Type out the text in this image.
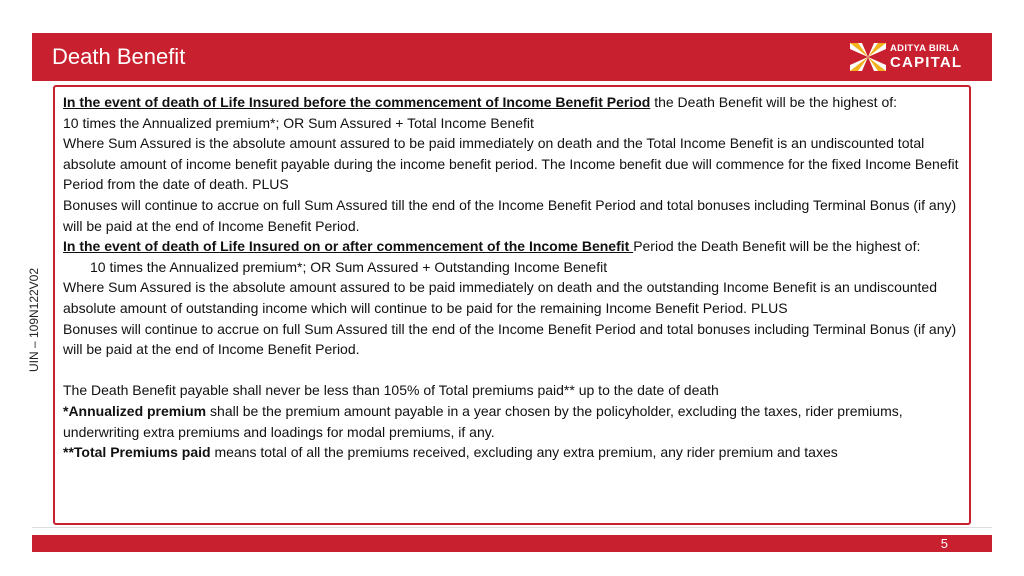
Death Benefit	ADITYA BIRLA
CAPITAL
UIN – 109N122V02

In the event of death of Life Insured before the commencement of Income Benefit Period the Death Benefit will be the highest of:

10 times the Annualized premium*; OR Sum Assured + Total Income Benefit

Where Sum Assured is the absolute amount assured to be paid immediately on death and the Total Income Benefit is an undiscounted total absolute amount of income benefit payable during the income benefit period. The Income benefit due will commence for the fixed Income Benefit Period from the date of death. PLUS

Bonuses will continue to accrue on full Sum Assured till the end of the Income Benefit Period and total bonuses including Terminal Bonus (if any) will be paid at the end of Income Benefit Period.

In the event of death of Life Insured on or after commencement of the Income Benefit Period the Death Benefit will be the highest of:

10 times the Annualized premium*; OR Sum Assured + Outstanding Income Benefit

Where Sum Assured is the absolute amount assured to be paid immediately on death and the outstanding Income Benefit is an undiscounted absolute amount of outstanding income which will continue to be paid for the remaining Income Benefit Period. PLUS

Bonuses will continue to accrue on full Sum Assured till the end of the Income Benefit Period and total bonuses including Terminal Bonus (if any) will be paid at the end of Income Benefit Period.

The Death Benefit payable shall never be less than 105% of Total premiums paid** up to the date of death

*Annualized premium shall be the premium amount payable in a year chosen by the policyholder, excluding the taxes, rider premiums, underwriting extra premiums and loadings for modal premiums, if any.

**Total Premiums paid means total of all the premiums received, excluding any extra premium, any rider premium and taxes

5
